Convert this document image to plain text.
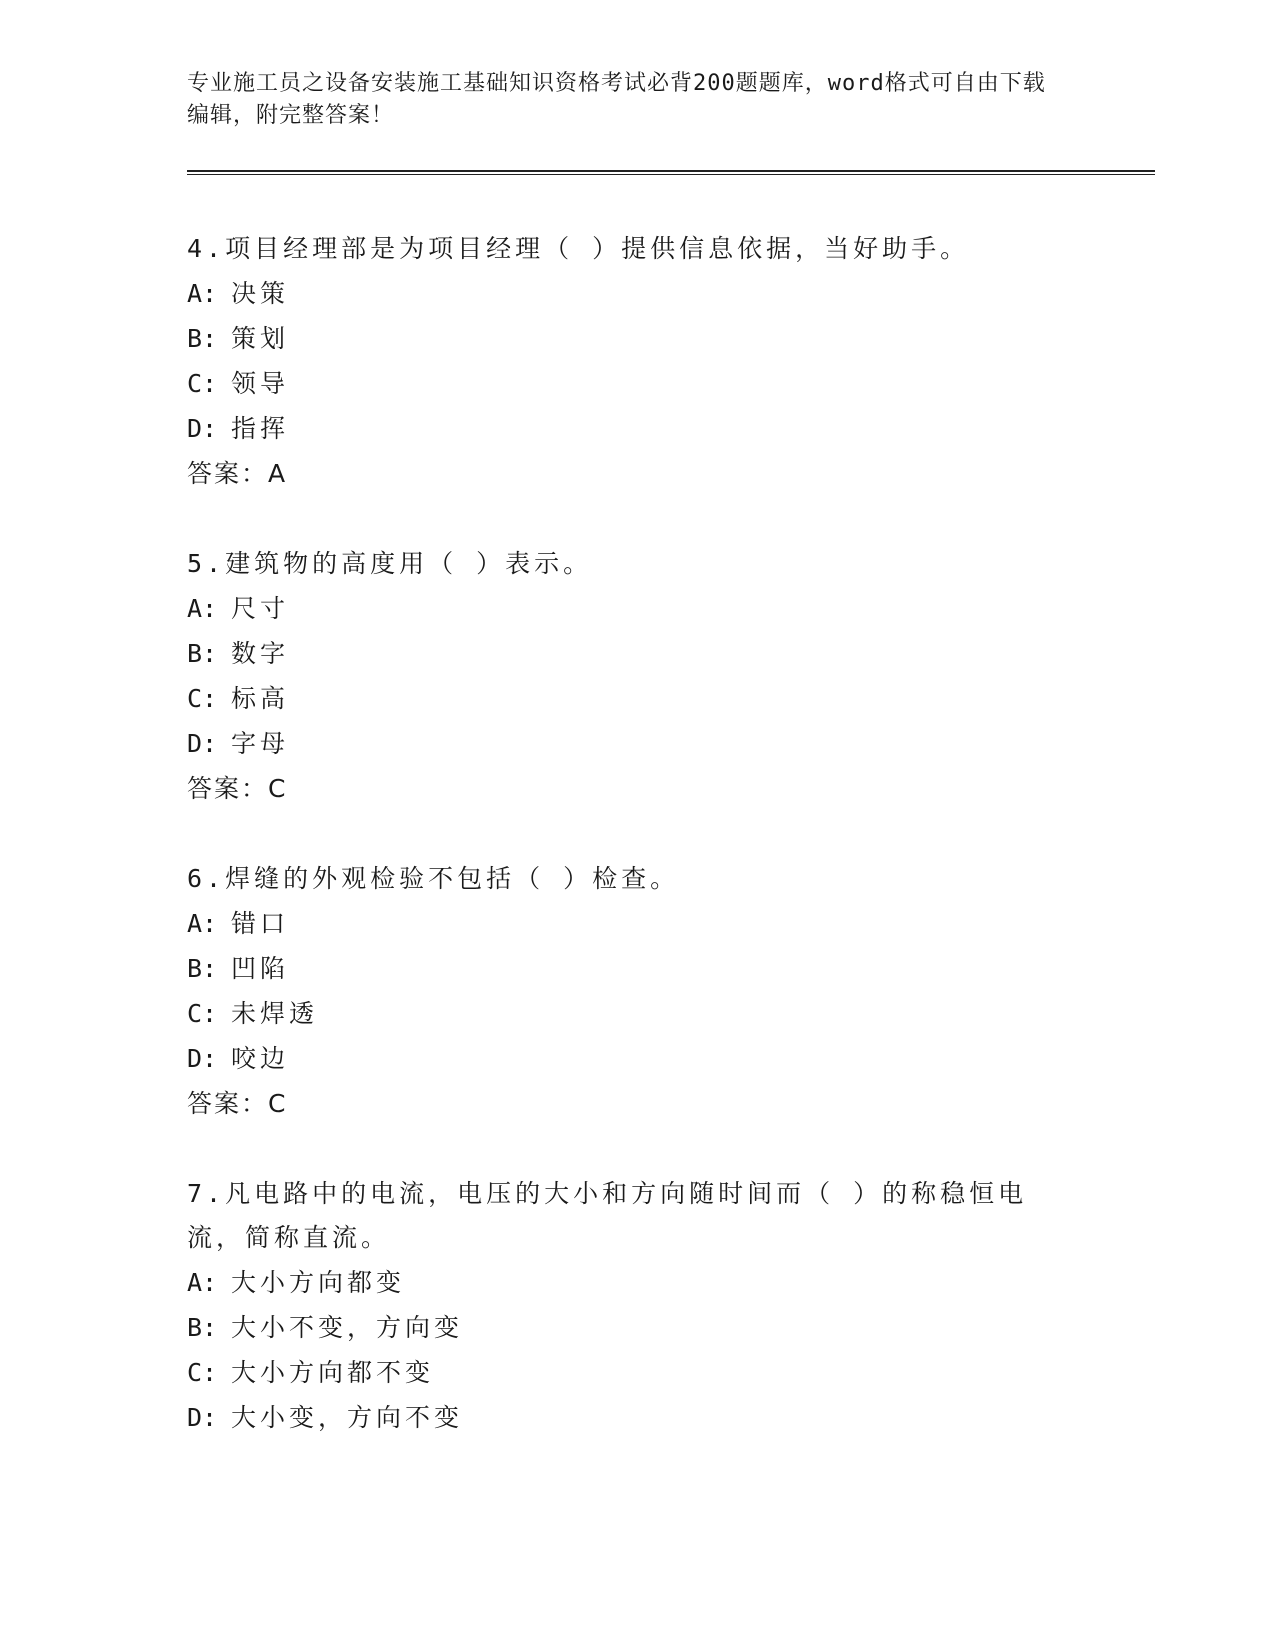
专业施工员之设备安装施工基础知识资格考试必背200题题库，word格式可自由下载编辑，附完整答案！

4.项目经理部是为项目经理（ ）提供信息依据，当好助手。

A: 决策

B: 策划

C: 领导

D: 指挥

答案：A

5.建筑物的高度用（ ）表示。

A: 尺寸

B: 数字

C: 标高

D: 字母

答案：C

6.焊缝的外观检验不包括（ ）检查。

A: 错口

B: 凹陷

C: 未焊透

D: 咬边

答案：C

7.凡电路中的电流，电压的大小和方向随时间而（ ）的称稳恒电流，简称直流。

A: 大小方向都变

B: 大小不变，方向变

C: 大小方向都不变

D: 大小变，方向不变
